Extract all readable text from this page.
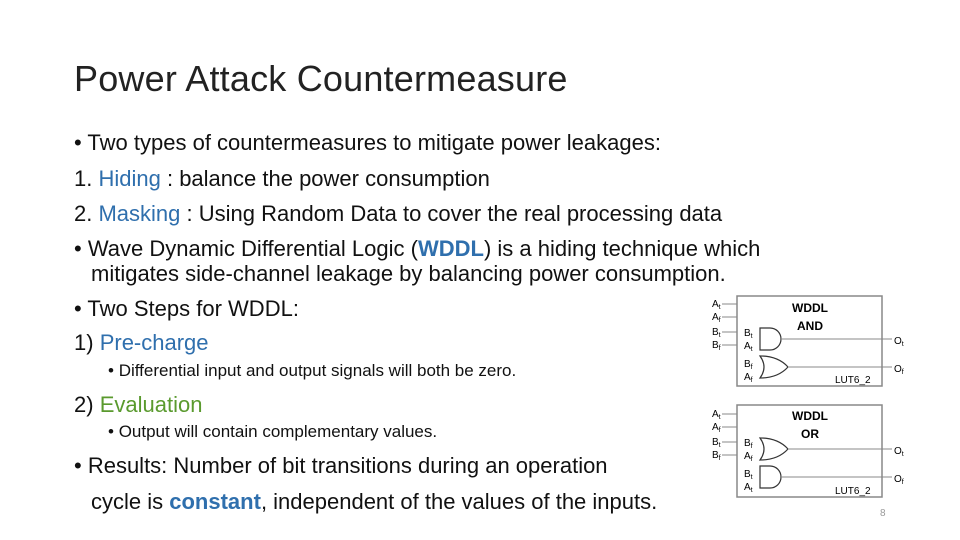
Power Attack Countermeasure
• Two types of countermeasures to mitigate power leakages:
1. Hiding : balance the power consumption
2. Masking : Using Random Data to cover the real processing data
• Wave Dynamic Differential Logic (WDDL) is a hiding technique which
mitigates side-channel leakage by balancing power consumption.
• Two Steps for WDDL:
1) Pre-charge
• Differential input and output signals will both be zero.
2) Evaluation
• Output will contain complementary values.
• Results: Number of bit transitions during an operation
cycle is constant, independent of the values of the inputs.
WDDL
AND
LUT6_2
$A_t$
$A_f$
$B_t$
$B_f$
$B_t$
$A_t$
$B_f$
$A_f$
$O_t$
$O_f$
WDDL
OR
LUT6_2
$A_t$
$A_f$
$B_t$
$B_f$
$B_f$
$A_f$
$B_t$
$A_t$
$O_t$
$O_f$
8
